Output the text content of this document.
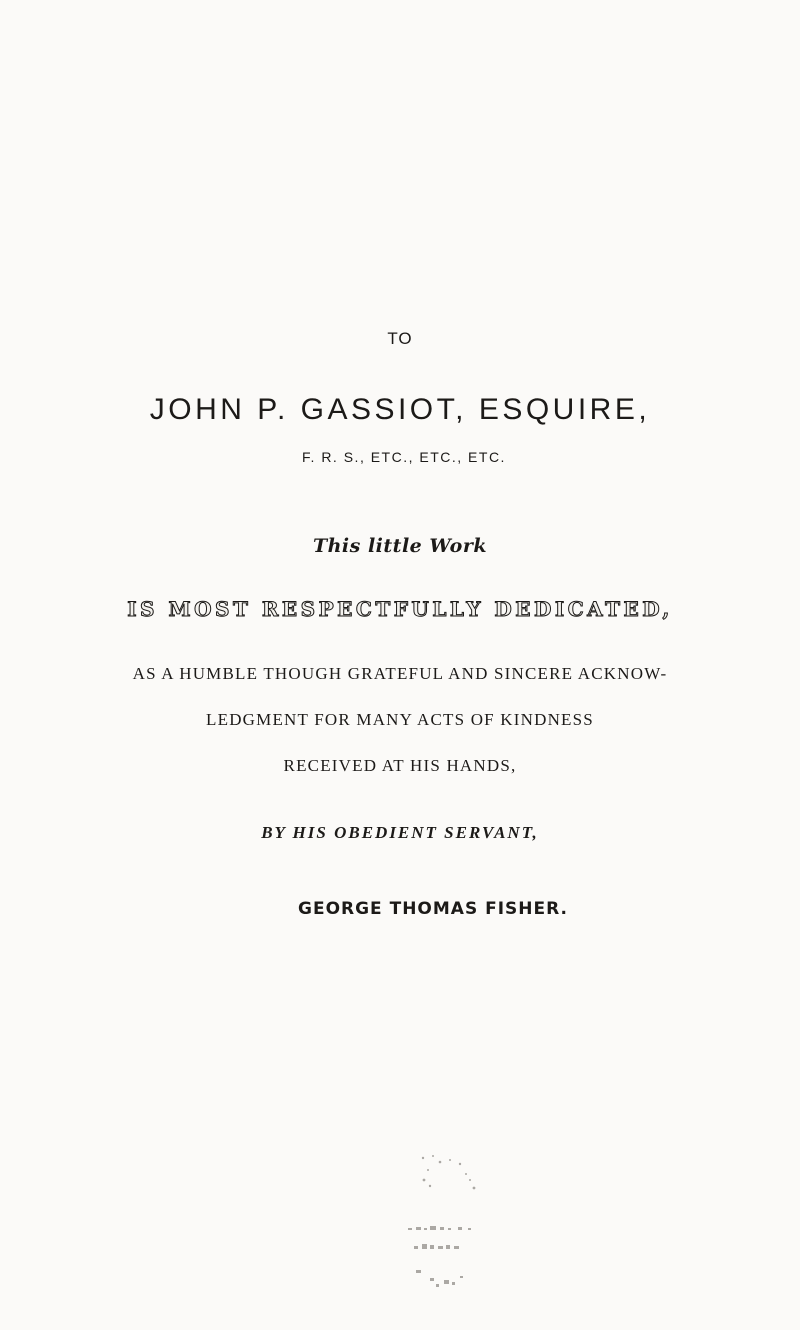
TO
JOHN P. GASSIOT, ESQUIRE,
F. R. S., ETC., ETC., ETC.
This little Work
IS MOST RESPECTFULLY DEDICATED,
AS A HUMBLE THOUGH GRATEFUL AND SINCERE ACKNOW-
LEDGMENT FOR MANY ACTS OF KINDNESS
RECEIVED AT HIS HANDS,
BY HIS OBEDIENT SERVANT,
GEORGE THOMAS FISHER.
